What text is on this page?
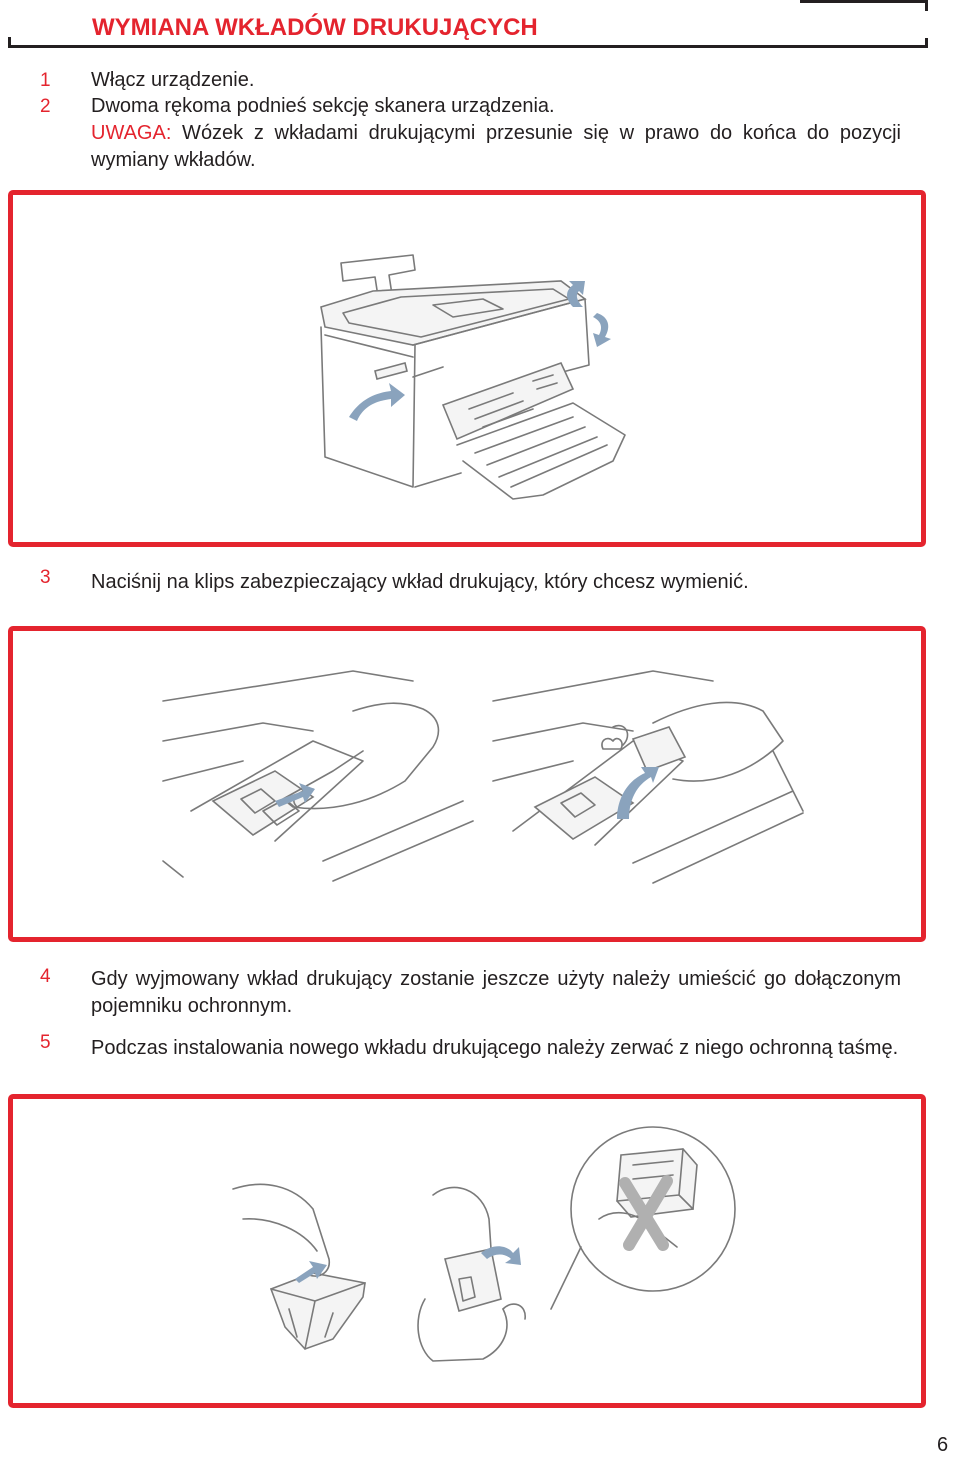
WYMIANA WKŁADÓW DRUKUJĄCYCH
1 Włącz urządzenie.
2 Dwoma rękoma podnieś sekcję skanera urządzenia.
UWAGA: Wózek z wkładami drukującymi przesunie się w prawo do końca do pozycji wymiany wkładów.
3 Naciśnij na klips zabezpieczający wkład drukujący, który chcesz wymienić.
4 Gdy wyjmowany wkład drukujący zostanie jeszcze użyty należy umieścić go dołączonym pojemniku ochronnym.
5 Podczas instalowania nowego wkładu drukującego należy zerwać z niego ochronną taśmę.
6
